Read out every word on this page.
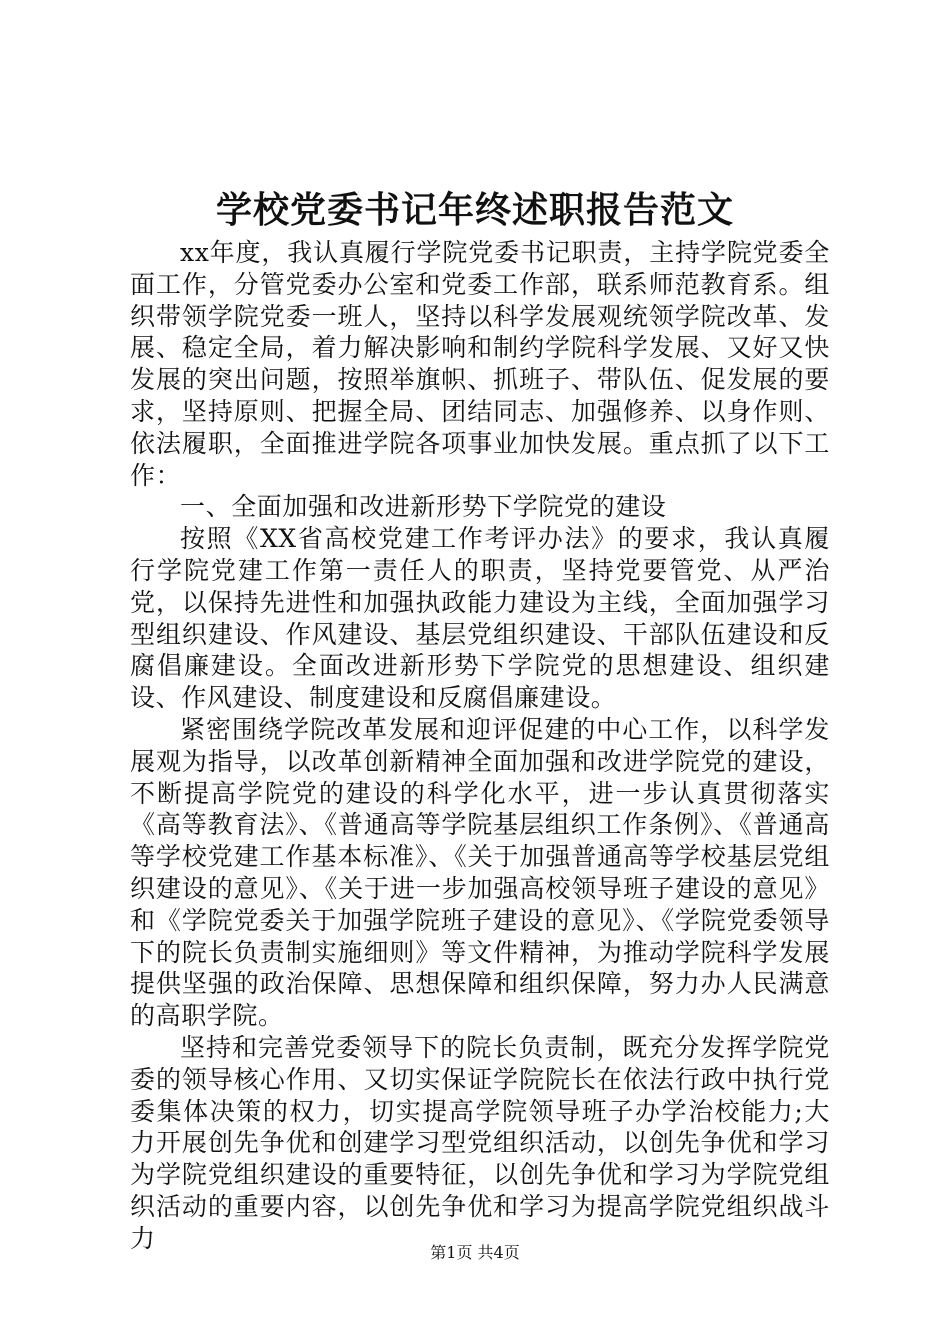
学校党委书记年终述职报告范文

xx年度，我认真履行学院党委书记职责，主持学院党委全面工作，分管党委办公室和党委工作部，联系师范教育系。组织带领学院党委一班人，坚持以科学发展观统领学院改革、发展、稳定全局，着力解决影响和制约学院科学发展、又好又快发展的突出问题，按照举旗帜、抓班子、带队伍、促发展的要求，坚持原则、把握全局、团结同志、加强修养、以身作则、依法履职，全面推进学院各项事业加快发展。重点抓了以下工作：

一、全面加强和改进新形势下学院党的建设

按照《XX省高校党建工作考评办法》的要求，我认真履行学院党建工作第一责任人的职责，坚持党要管党、从严治党，以保持先进性和加强执政能力建设为主线，全面加强学习型组织建设、作风建设、基层党组织建设、干部队伍建设和反腐倡廉建设。全面改进新形势下学院党的思想建设、组织建设、作风建设、制度建设和反腐倡廉建设。

紧密围绕学院改革发展和迎评促建的中心工作，以科学发展观为指导，以改革创新精神全面加强和改进学院党的建设，不断提高学院党的建设的科学化水平，进一步认真贯彻落实《高等教育法》、《普通高等学院基层组织工作条例》、《普通高等学校党建工作基本标准》、《关于加强普通高等学校基层党组织建设的意见》、《关于进一步加强高校领导班子建设的意见》和《学院党委关于加强学院班子建设的意见》、《学院党委领导下的院长负责制实施细则》等文件精神，为推动学院科学发展提供坚强的政治保障、思想保障和组织保障，努力办人民满意的高职学院。

坚持和完善党委领导下的院长负责制，既充分发挥学院党委的领导核心作用、又切实保证学院院长在依法行政中执行党委集体决策的权力，切实提高学院领导班子办学治校能力;大力开展创先争优和创建学习型党组织活动，以创先争优和学习为学院党组织建设的重要特征，以创先争优和学习为学院党组织活动的重要内容，以创先争优和学习为提高学院党组织战斗力	第1页 共4页
